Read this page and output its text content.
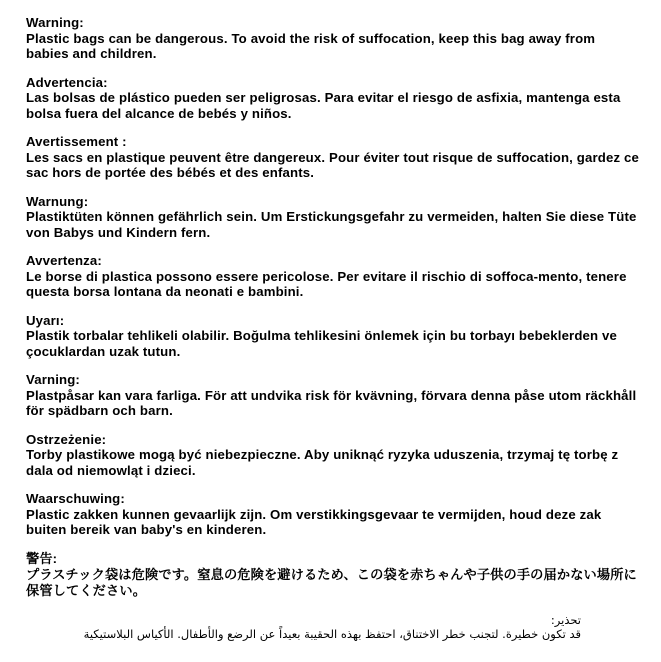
Warning:
Plastic bags can be dangerous. To avoid the risk of suffocation, keep this bag away from babies and children.
Advertencia:
Las bolsas de plástico pueden ser peligrosas. Para evitar el riesgo de asfixia, mantenga esta bolsa fuera del alcance de bebés y niños.
Avertissement :
Les sacs en plastique peuvent être dangereux. Pour éviter tout risque de suffocation, gardez ce sac hors de portée des bébés et des enfants.
Warnung:
Plastiktüten können gefährlich sein. Um Erstickungsgefahr zu vermeiden, halten Sie diese Tüte von Babys und Kindern fern.
Avvertenza:
Le borse di plastica possono essere pericolose. Per evitare il rischio di soffoca-mento, tenere questa borsa lontana da neonati e bambini.
Uyarı:
Plastik torbalar tehlikeli olabilir. Boğulma tehlikesini önlemek için bu torbayı bebeklerden ve çocuklardan uzak tutun.
Varning:
Plastpåsar kan vara farliga. För att undvika risk för kvävning, förvara denna påse utom räckhåll för spädbarn och barn.
Ostrzeżenie:
Torby plastikowe mogą być niebezpieczne. Aby uniknąć ryzyka uduszenia, trzymaj tę torbę z dala od niemowląt i dzieci.
Waarschuwing:
Plastic zakken kunnen gevaarlijk zijn. Om verstikkingsgevaar te vermijden, houd deze zak buiten bereik van baby's en kinderen.
警告:
プラスチック袋は危険です。窒息の危険を避けるため、この袋を赤ちゃんや子供の手の届かない場所に保管してください。
تحذير:
قد تكون خطيرة. لتجنب خطر الاختناق، احتفظ بهذه الحقيبة بعيداً عن الرضع والأطفال. الأكياس البلاستيكية
